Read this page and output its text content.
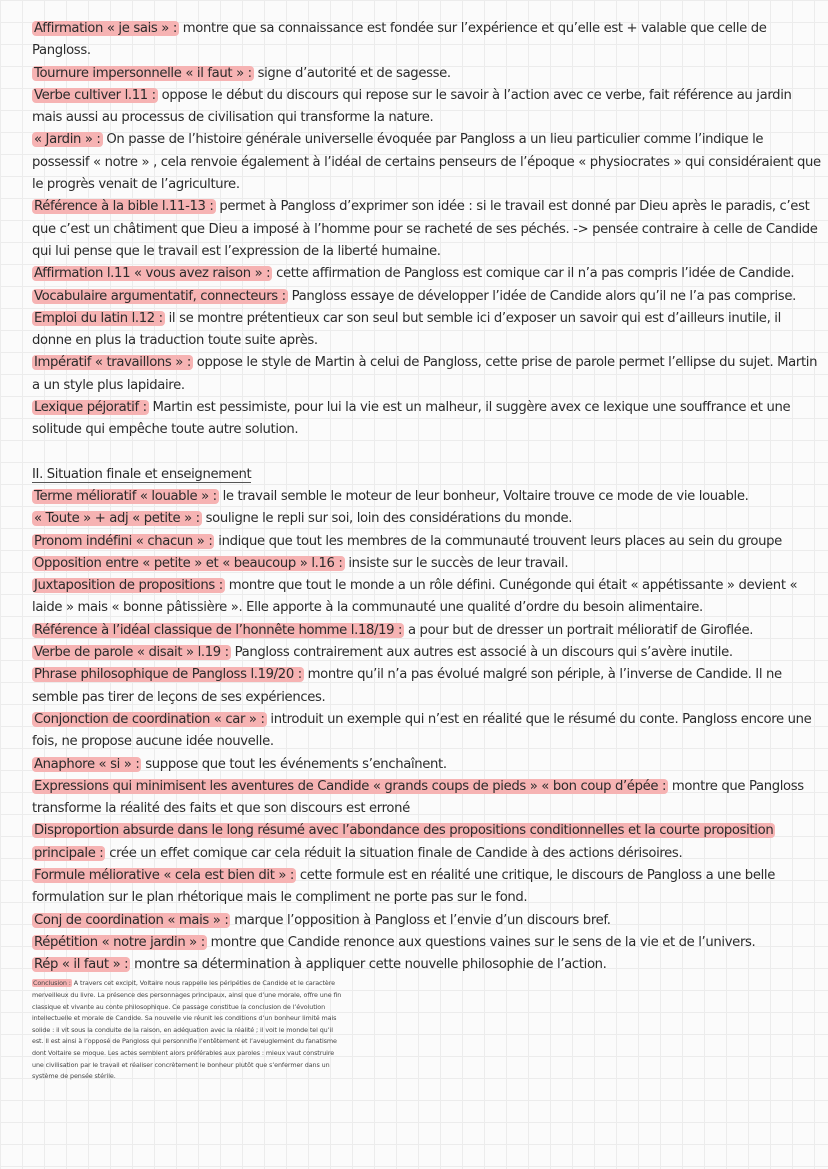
Affirmation « je sais » : montre que sa connaissance est fondée sur l’expérience et qu’elle est + valable que celle de Pangloss.
Tournure impersonnelle « il faut » : signe d’autorité et de sagesse.
Verbe cultiver l.11 : oppose le début du discours qui repose sur le savoir à l’action avec ce verbe, fait référence au jardin mais aussi au processus de civilisation qui transforme la nature.
« Jardin » : On passe de l’histoire générale universelle évoquée par Pangloss a un lieu particulier comme l’indique le possessif « notre » , cela renvoie également à l’idéal de certains penseurs de l’époque « physiocrates » qui considéraient que le progrès venait de l’agriculture.
Référence à la bible l.11-13 : permet à Pangloss d’exprimer son idée : si le travail est donné par Dieu après le paradis, c’est que c’est un châtiment que Dieu a imposé à l’homme pour se racheté de ses péchés. -> pensée contraire à celle de Candide qui lui pense que le travail est l’expression de la liberté humaine.
Affirmation l.11 « vous avez raison » : cette affirmation de Pangloss est comique car il n’a pas compris l’idée de Candide.
Vocabulaire argumentatif, connecteurs : Pangloss essaye de développer l’idée de Candide alors qu’il ne l’a pas comprise.
Emploi du latin l.12 : il se montre prétentieux car son seul but semble ici d’exposer un savoir qui est d’ailleurs inutile, il donne en plus la traduction toute suite après.
Impératif « travaillons » : oppose le style de Martin à celui de Pangloss, cette prise de parole permet l’ellipse du sujet. Martin a un style plus lapidaire.
Lexique péjoratif : Martin est pessimiste, pour lui la vie est un malheur, il suggère avex ce lexique une souffrance et une solitude qui empêche toute autre solution.
II. Situation finale et enseignement
Terme mélioratif « louable » : le travail semble le moteur de leur bonheur, Voltaire trouve ce mode de vie louable.
« Toute » + adj « petite » : souligne le repli sur soi, loin des considérations du monde.
Pronom indéfini « chacun » : indique que tout les membres de la communauté trouvent leurs places au sein du groupe
Opposition entre « petite » et « beaucoup » l.16 : insiste sur le succès de leur travail.
Juxtaposition de propositions : montre que tout le monde a un rôle défini. Cunégonde qui était « appétissante » devient « laide » mais « bonne pâtissière ». Elle apporte à la communauté une qualité d’ordre du besoin alimentaire.
Référence à l’idéal classique de l’honnête homme l.18/19 : a pour but de dresser un portrait mélioratif de Giroflée.
Verbe de parole « disait » l.19 : Pangloss contrairement aux autres est associé à un discours qui s’avère inutile.
Phrase philosophique de Pangloss l.19/20 : montre qu’il n’a pas évolué malgré son périple, à l’inverse de Candide. Il ne semble pas tirer de leçons de ses expériences.
Conjonction de coordination « car » : introduit un exemple qui n’est en réalité que le résumé du conte. Pangloss encore une fois, ne propose aucune idée nouvelle.
Anaphore « si » : suppose que tout les événements s’enchaînent.
Expressions qui minimisent les aventures de Candide « grands coups de pieds » « bon coup d’épée : montre que Pangloss transforme la réalité des faits et que son discours est erroné
Disproportion absurde dans le long résumé avec l’abondance des propositions conditionnelles et la courte proposition principale : crée un effet comique car cela réduit la situation finale de Candide à des actions dérisoires.
Formule méliorative « cela est bien dit » : cette formule est en réalité une critique, le discours de Pangloss a une belle formulation sur le plan rhétorique mais le compliment ne porte pas sur le fond.
Conj de coordination « mais » : marque l’opposition à Pangloss et l’envie d’un discours bref.
Répétition « notre jardin » : montre que Candide renonce aux questions vaines sur le sens de la vie et de l’univers.
Rép « il faut » : montre sa détermination à appliquer cette nouvelle philosophie de l’action.
Conclusion : A travers cet excipit, Voltaire nous rappelle les péripéties de Candide et le caractère merveilleux du livre. La présence des personnages principaux, ainsi que d’une morale, offre une fin classique et vivante au conte philosophique. Ce passage constitue la conclusion de l’évolution intellectuelle et morale de Candide. Sa nouvelle vie réunit les conditions d’un bonheur limité mais solide : il vit sous la conduite de la raison, en adéquation avec la réalité ; il voit le monde tel qu’il est. Il est ainsi à l’opposé de Pangloss qui personnifie l’entêtement et l’aveuglement du fanatisme dont Voltaire se moque. Les actes semblent alors préférables aux paroles : mieux vaut construire une civilisation par le travail et réaliser concrètement le bonheur plutôt que s’enfermer dans un système de pensée stérile.
